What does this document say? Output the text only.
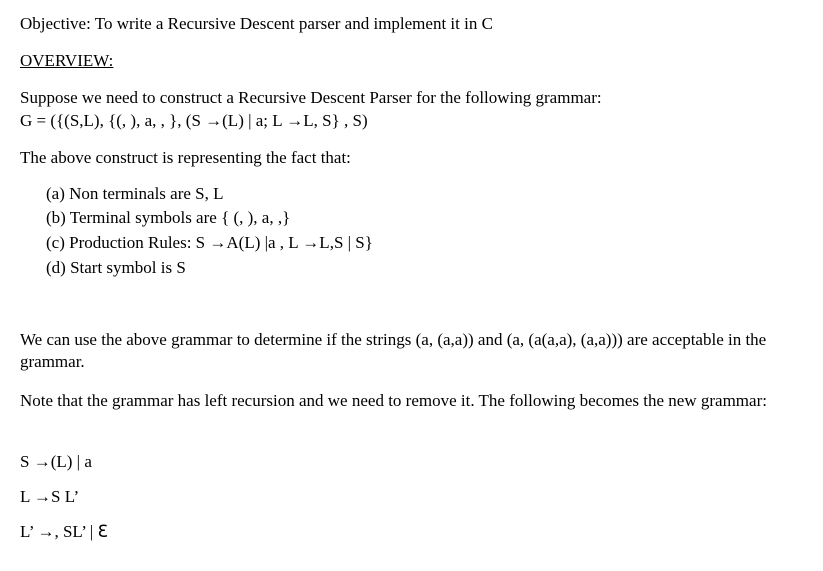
Objective: To write a Recursive Descent parser and implement it in C
OVERVIEW:
Suppose we need to construct a Recursive Descent Parser for the following grammar:
G = ({(S,L), {(, ), a, , }, (S →(L) | a; L →L, S} , S)
The above construct is representing the fact that:
(a) Non terminals are S, L
(b) Terminal symbols are { (, ), a, ,}
(c) Production Rules: S →A(L) |a , L →L,S | S}
(d) Start symbol is S
We can use the above grammar to determine if the strings (a, (a,a)) and (a, (a(a,a), (a,a))) are acceptable in the grammar.
Note that the grammar has left recursion and we need to remove it. The following becomes the new grammar:
S →(L) | a
L →S L’
L’ →, SL’ | ℇ
